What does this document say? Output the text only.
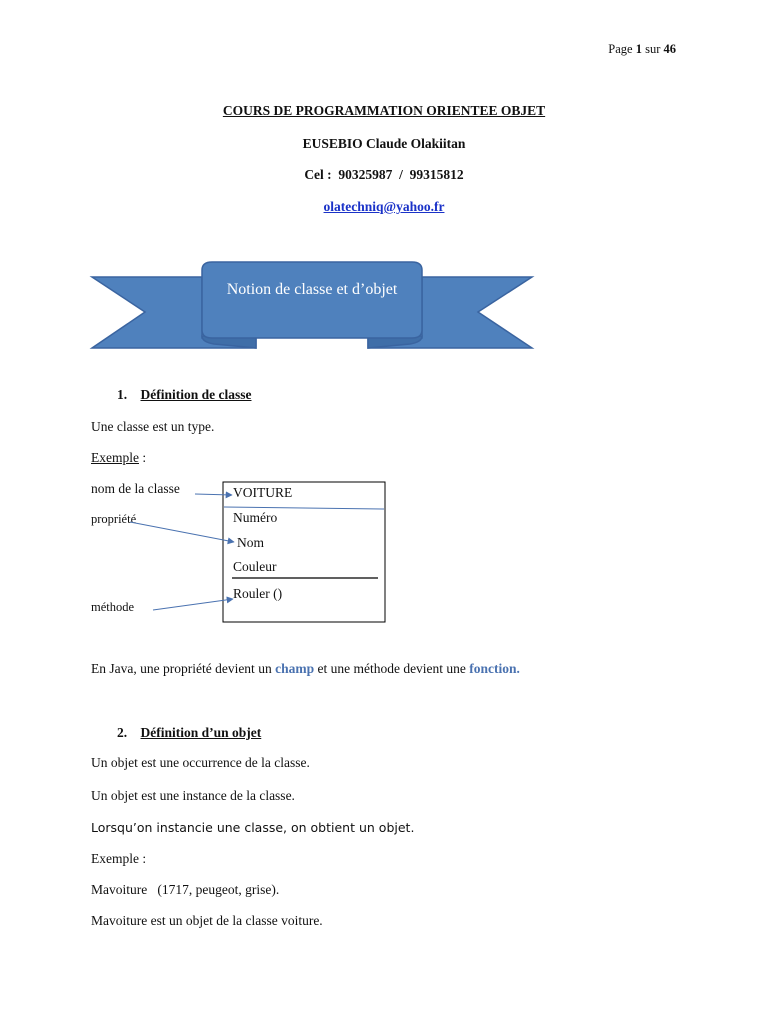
Page 1 sur 46
COURS DE PROGRAMMATION ORIENTEE OBJET
EUSEBIO Claude Olakiitan
Cel :  90325987  /  99315812
olatechniq@yahoo.fr
Notion de classe et d’objet
1. Définition de classe
Une classe est un type.
Exemple :
nom de la classe
propriété
méthode
VOITURE
Numéro
Nom
Couleur
Rouler ()
En Java, une propriété devient un champ et une méthode devient une fonction.
2. Définition d’un objet
Un objet est une occurrence de la classe.
Un objet est une instance de la classe.
Lorsqu’on instancie une classe, on obtient un objet.
Exemple :
Mavoiture   (1717, peugeot, grise).
Mavoiture est un objet de la classe voiture.
